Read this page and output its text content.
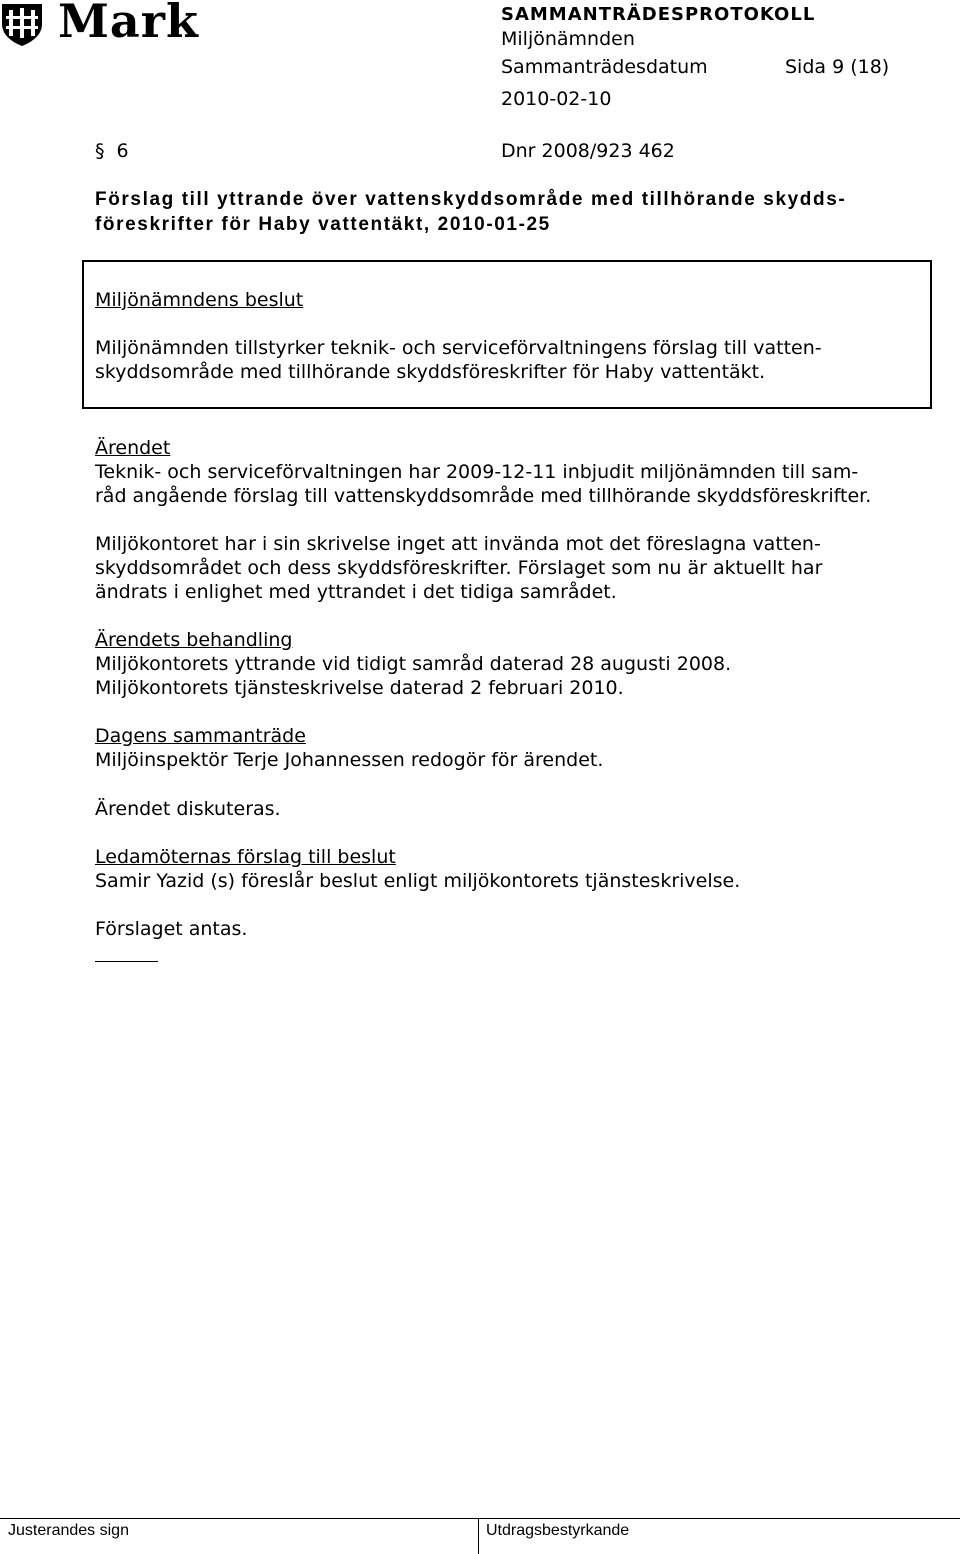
Mark	SAMMANTRÄDESPROTOKOLL
Miljönämnden
Sammanträdesdatum	Sida 9 (18)
2010-02-10
§ 6	Dnr 2008/923 462
Förslag till yttrande över vattenskyddsområde med tillhörande skydds-
föreskrifter för Haby vattentäkt, 2010-01-25
Miljönämndens beslut
Miljönämnden tillstyrker teknik- och serviceförvaltningens förslag till vatten-
skyddsområde med tillhörande skyddsföreskrifter för Haby vattentäkt.
Ärendet
Teknik- och serviceförvaltningen har 2009-12-11 inbjudit miljönämnden till sam-
råd angående förslag till vattenskyddsområde med tillhörande skyddsföreskrifter.
Miljökontoret har i sin skrivelse inget att invända mot det föreslagna vatten-
skyddsområdet och dess skyddsföreskrifter. Förslaget som nu är aktuellt har
ändrats i enlighet med yttrandet i det tidiga samrådet.
Ärendets behandling
Miljökontorets yttrande vid tidigt samråd daterad 28 augusti 2008.
Miljökontorets tjänsteskrivelse daterad 2 februari 2010.
Dagens sammanträde
Miljöinspektör Terje Johannessen redogör för ärendet.
Ärendet diskuteras.
Ledamöternas förslag till beslut
Samir Yazid (s) föreslår beslut enligt miljökontorets tjänsteskrivelse.
Förslaget antas.
Justerandes sign	Utdragsbestyrkande
